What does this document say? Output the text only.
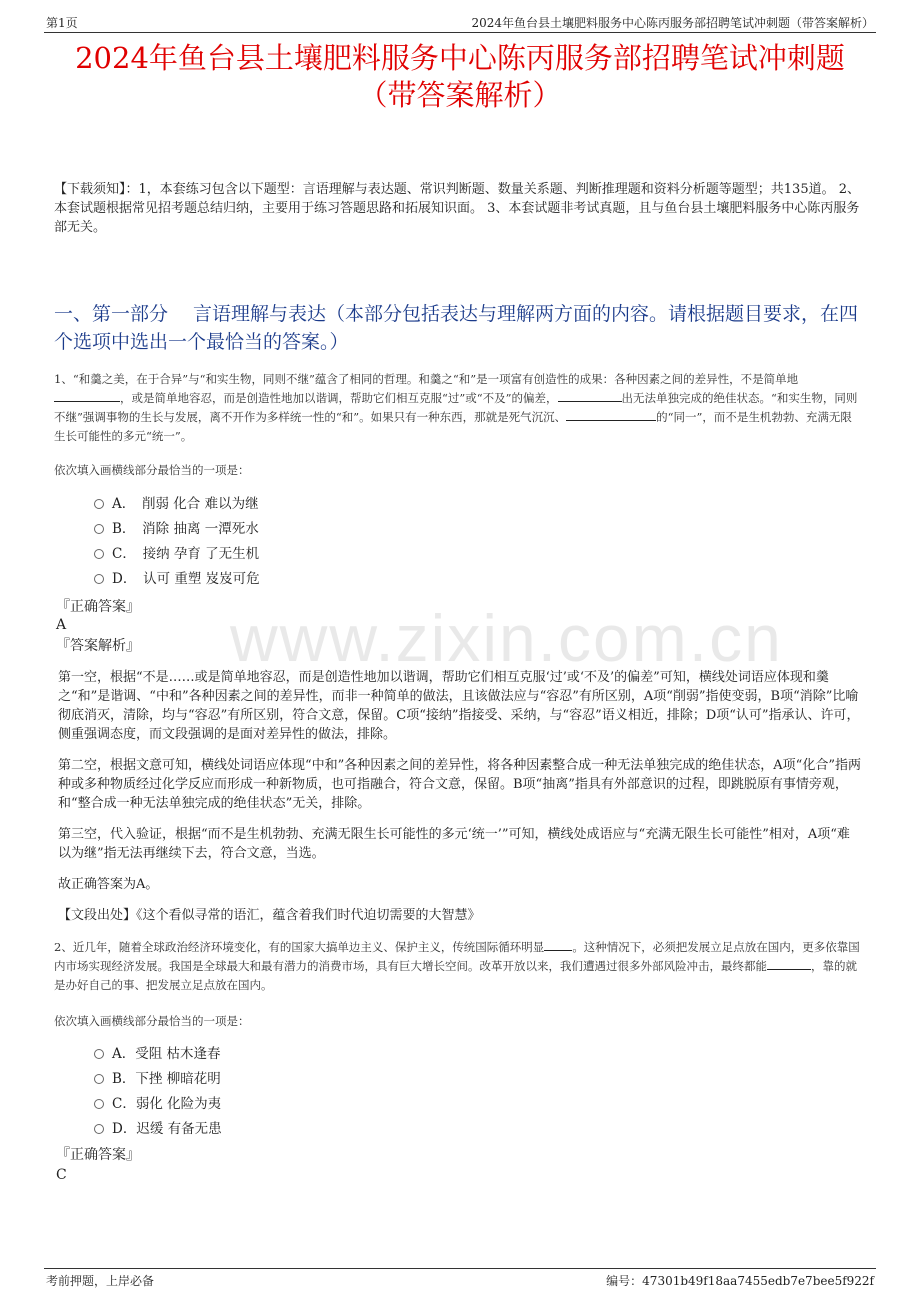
第1页	2024年鱼台县土壤肥料服务中心陈丙服务部招聘笔试冲刺题（带答案解析）
www.zixin.com.cn
2024年鱼台县土壤肥料服务中心陈丙服务部招聘笔试冲刺题
（带答案解析）

【下载须知】：1，本套练习包含以下题型：言语理解与表达题、常识判断题、数量关系题、判断推理题和资料分析题等题型；共135道。 2、本套试题根据常见招考题总结归纳，主要用于练习答题思路和拓展知识面。 3、本套试题非考试真题，且与鱼台县土壤肥料服务中心陈丙服务部无关。

一、第一部分　 言语理解与表达（本部分包括表达与理解两方面的内容。请根据题目要求，在四个选项中选出一个最恰当的答案。）

1、“和羹之美，在于合异”与“和实生物，同则不继”蕴含了相同的哲理。和羹之“和”是一项富有创造性的成果：各种因素之间的差异性，不是简单地，或是简单地容忍，而是创造性地加以谐调，帮助它们相互克服“过”或“不及”的偏差，	出无法单独完成的绝佳状态。“和实生物，同则不继”强调事物的生长与发展，离不开作为多样统一性的“和”。如果只有一种东西，那就是死气沉沉、	的“同一”，而不是生机勃勃、充满无限生长可能性的多元“统一”。

依次填入画横线部分最恰当的一项是：
A．　削弱 化合 难以为继
B．　消除 抽离 一潭死水
C．　接纳 孕育 了无生机
D．　认可 重塑 岌岌可危
『正确答案』
A
『答案解析』

第一空，根据“不是……或是简单地容忍，而是创造性地加以谐调，帮助它们相互克服‘过’或‘不及’的偏差”可知，横线处词语应体现和羹之“和”是谐调、“中和”各种因素之间的差异性，而非一种简单的做法，且该做法应与“容忍”有所区别，A项“削弱”指使变弱，B项“消除”比喻彻底消灭，清除，均与“容忍”有所区别，符合文意，保留。C项“接纳”指接受、采纳，与“容忍”语义相近，排除；D项“认可”指承认、许可，侧重强调态度，而文段强调的是面对差异性的做法，排除。

第二空，根据文意可知，横线处词语应体现“中和”各种因素之间的差异性，将各种因素整合成一种无法单独完成的绝佳状态，A项“化合”指两种或多种物质经过化学反应而形成一种新物质，也可指融合，符合文意，保留。B项“抽离”指具有外部意识的过程，即跳脱原有事情旁观，和“整合成一种无法单独完成的绝佳状态”无关，排除。

第三空，代入验证，根据“而不是生机勃勃、充满无限生长可能性的多元‘统一’”可知，横线处成语应与“充满无限生长可能性”相对，A项“难以为继”指无法再继续下去，符合文意，当选。

故正确答案为A。

【文段出处】《这个看似寻常的语汇，蕴含着我们时代迫切需要的大智慧》

2、近几年，随着全球政治经济环境变化，有的国家大搞单边主义、保护主义，传统国际循环明显 。这种情况下，必须把发展立足点放在国内，更多依靠国内市场实现经济发展。我国是全球最大和最有潜力的消费市场，具有巨大增长空间。改革开放以来，我们遭遇过很多外部风险冲击，最终都能	，靠的就是办好自己的事、把发展立足点放在国内。

依次填入画横线部分最恰当的一项是：
A．受阻 枯木逢春
B．下挫 柳暗花明
C．弱化 化险为夷
D．迟缓 有备无患
『正确答案』
C
考前押题，上岸必备	编号：47301b49f18aa7455edb7e7bee5f922f
